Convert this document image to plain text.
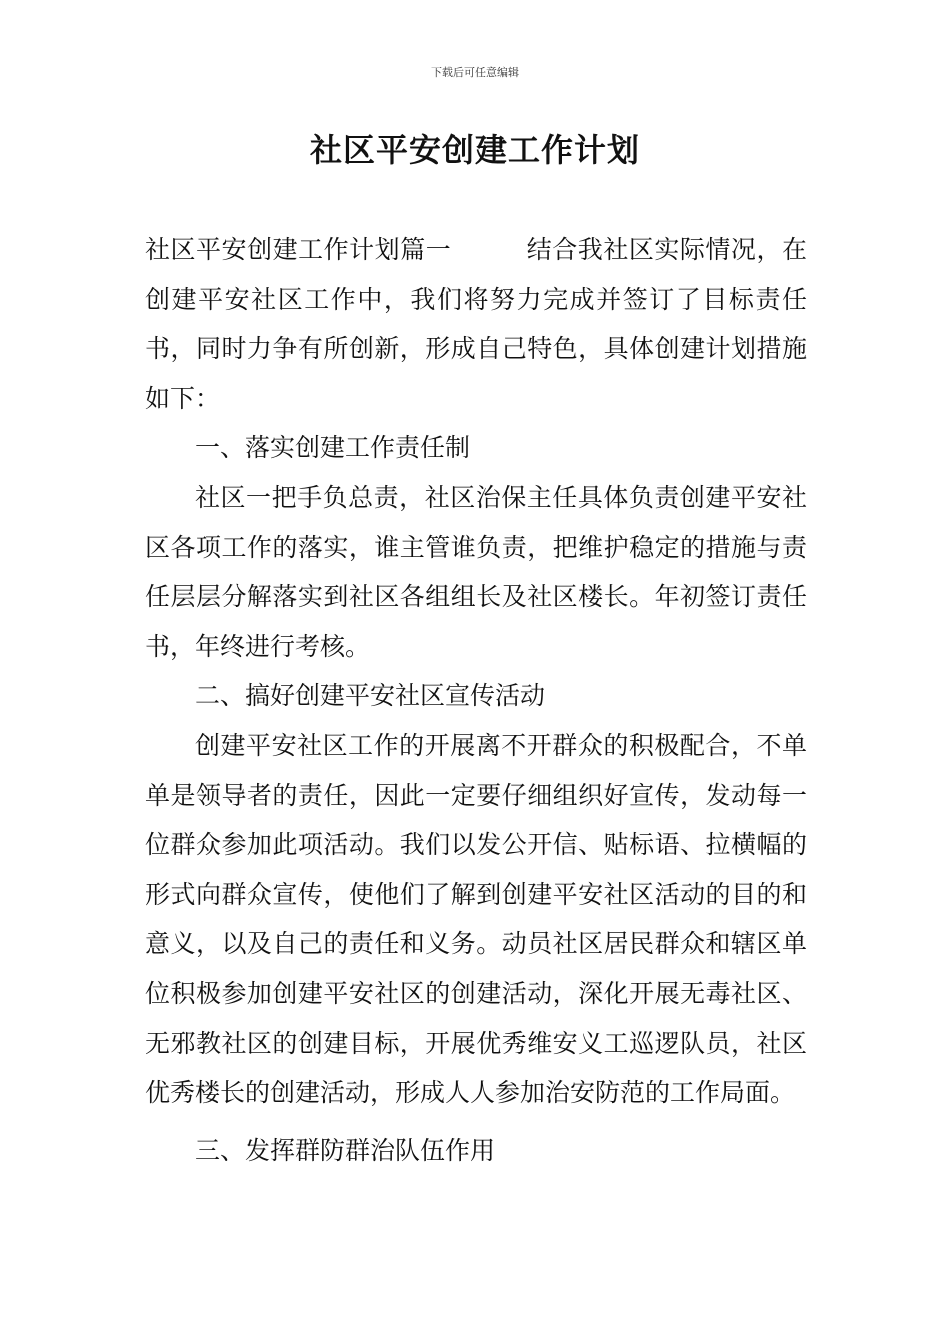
下载后可任意编辑
社区平安创建工作计划

社区平安创建工作计划篇一	结合我社区实际情况，在创建平安社区工作中，我们将努力完成并签订了目标责任书，同时力争有所创新，形成自己特色，具体创建计划措施如下：

一、落实创建工作责任制

社区一把手负总责，社区治保主任具体负责创建平安社区各项工作的落实，谁主管谁负责，把维护稳定的措施与责任层层分解落实到社区各组组长及社区楼长。年初签订责任书，年终进行考核。

二、搞好创建平安社区宣传活动

创建平安社区工作的开展离不开群众的积极配合，不单单是领导者的责任，因此一定要仔细组织好宣传，发动每一位群众参加此项活动。我们以发公开信、贴标语、拉横幅的形式向群众宣传，使他们了解到创建平安社区活动的目的和意义，以及自己的责任和义务。动员社区居民群众和辖区单位积极参加创建平安社区的创建活动，深化开展无毒社区、无邪教社区的创建目标，开展优秀维安义工巡逻队员，社区优秀楼长的创建活动，形成人人参加治安防范的工作局面。

三、发挥群防群治队伍作用
